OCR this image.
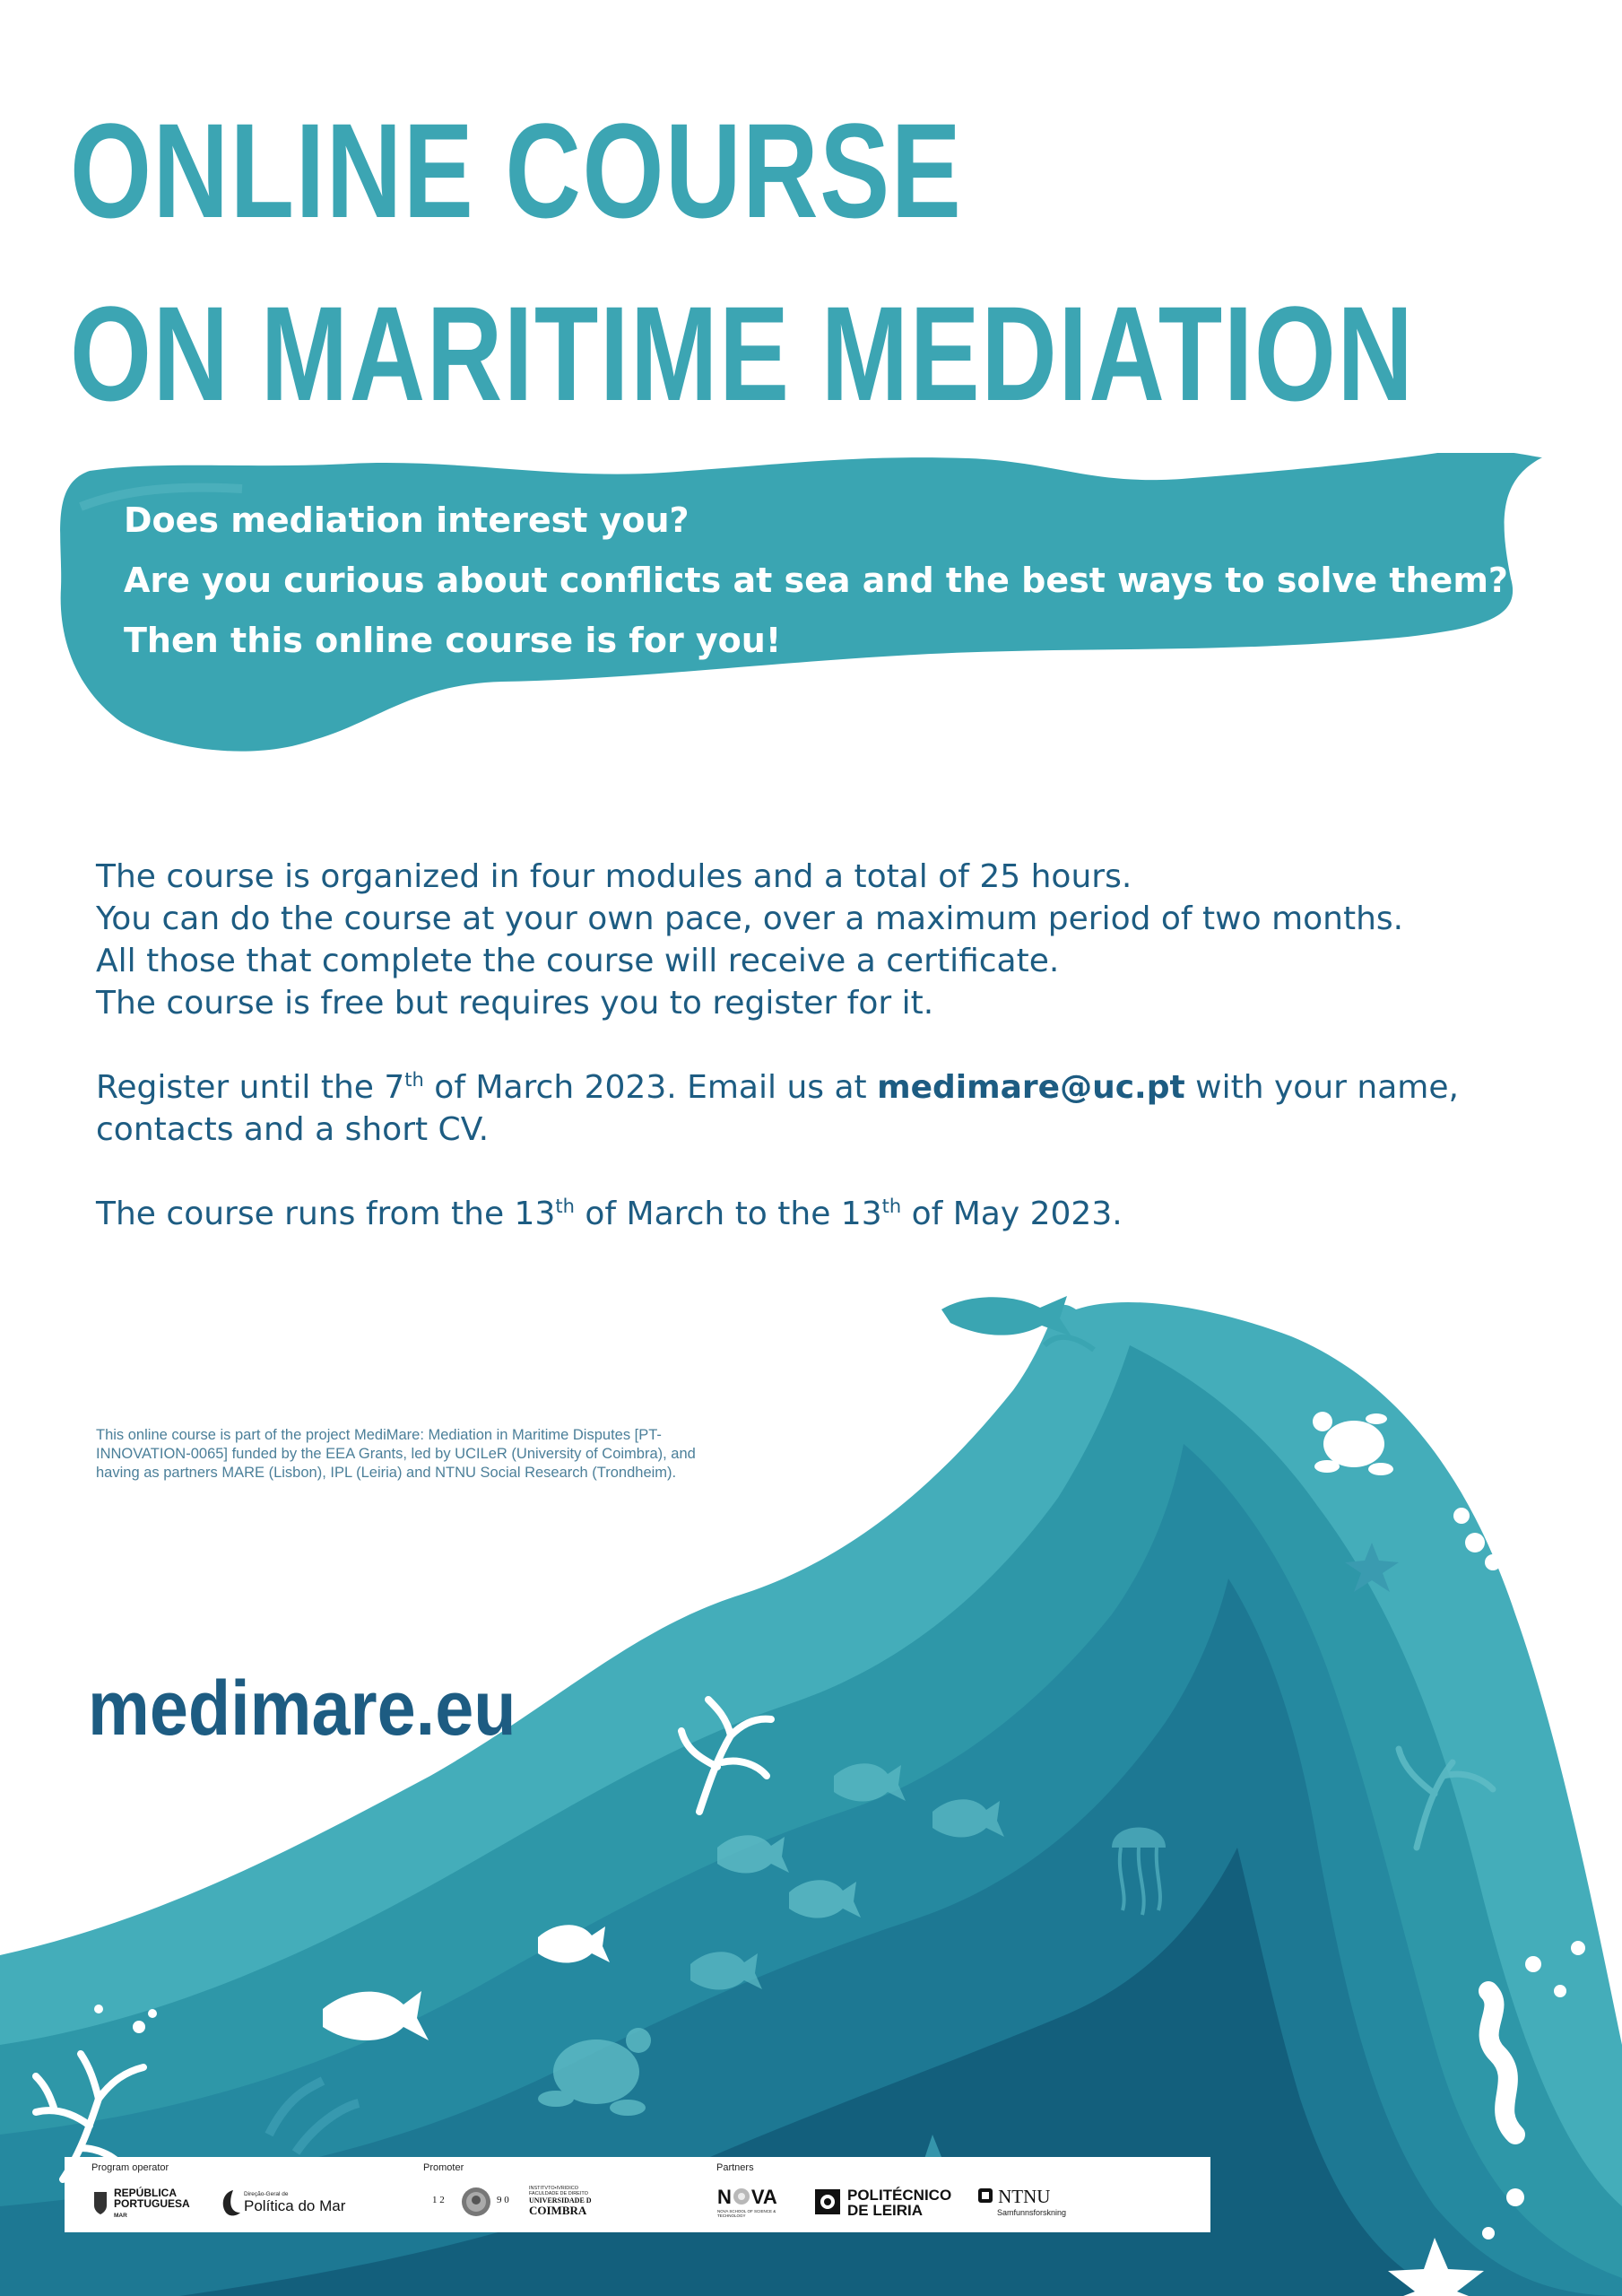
ONLINE COURSE
ON MARITIME MEDIATION

Does mediation interest you?

Are you curious about conflicts at sea and the best ways to solve them?

Then this online course is for you!

The course is organized in four modules and a total of 25 hours.

You can do the course at your own pace, over a maximum period of two months.

All those that complete the course will receive a certificate.

The course is free but requires you to register for it.

Register until the 7th of March 2023. Email us at medimare@uc.pt with your name,

contacts and a short CV.

The course runs from the 13th of March to the 13th of May 2023.

This online course is part of the project MediMare: Mediation in Maritime Disputes [PT-INNOVATION-0065] funded by the EEA Grants, led by UCILeR (University of Coimbra), and having as partners MARE (Lisbon), IPL (Leiria) and NTNU Social Research (Trondheim).
medimare.eu
Program operator	Promoter	Partners
REPÚBLICA
PORTUGUESA
MAR
Direção-Geral de
Política do Mar	1 2	9 0
INSTITVTO•IVRIDICO
FACULDADE DE DIREITO
UNIVERSIDADE D
COIMBRA
N VA
NOVA SCHOOL OF SCIENCE & TECHNOLOGY
POLITÉCNICO
DE LEIRIA
NTNU
Samfunnsforskning
